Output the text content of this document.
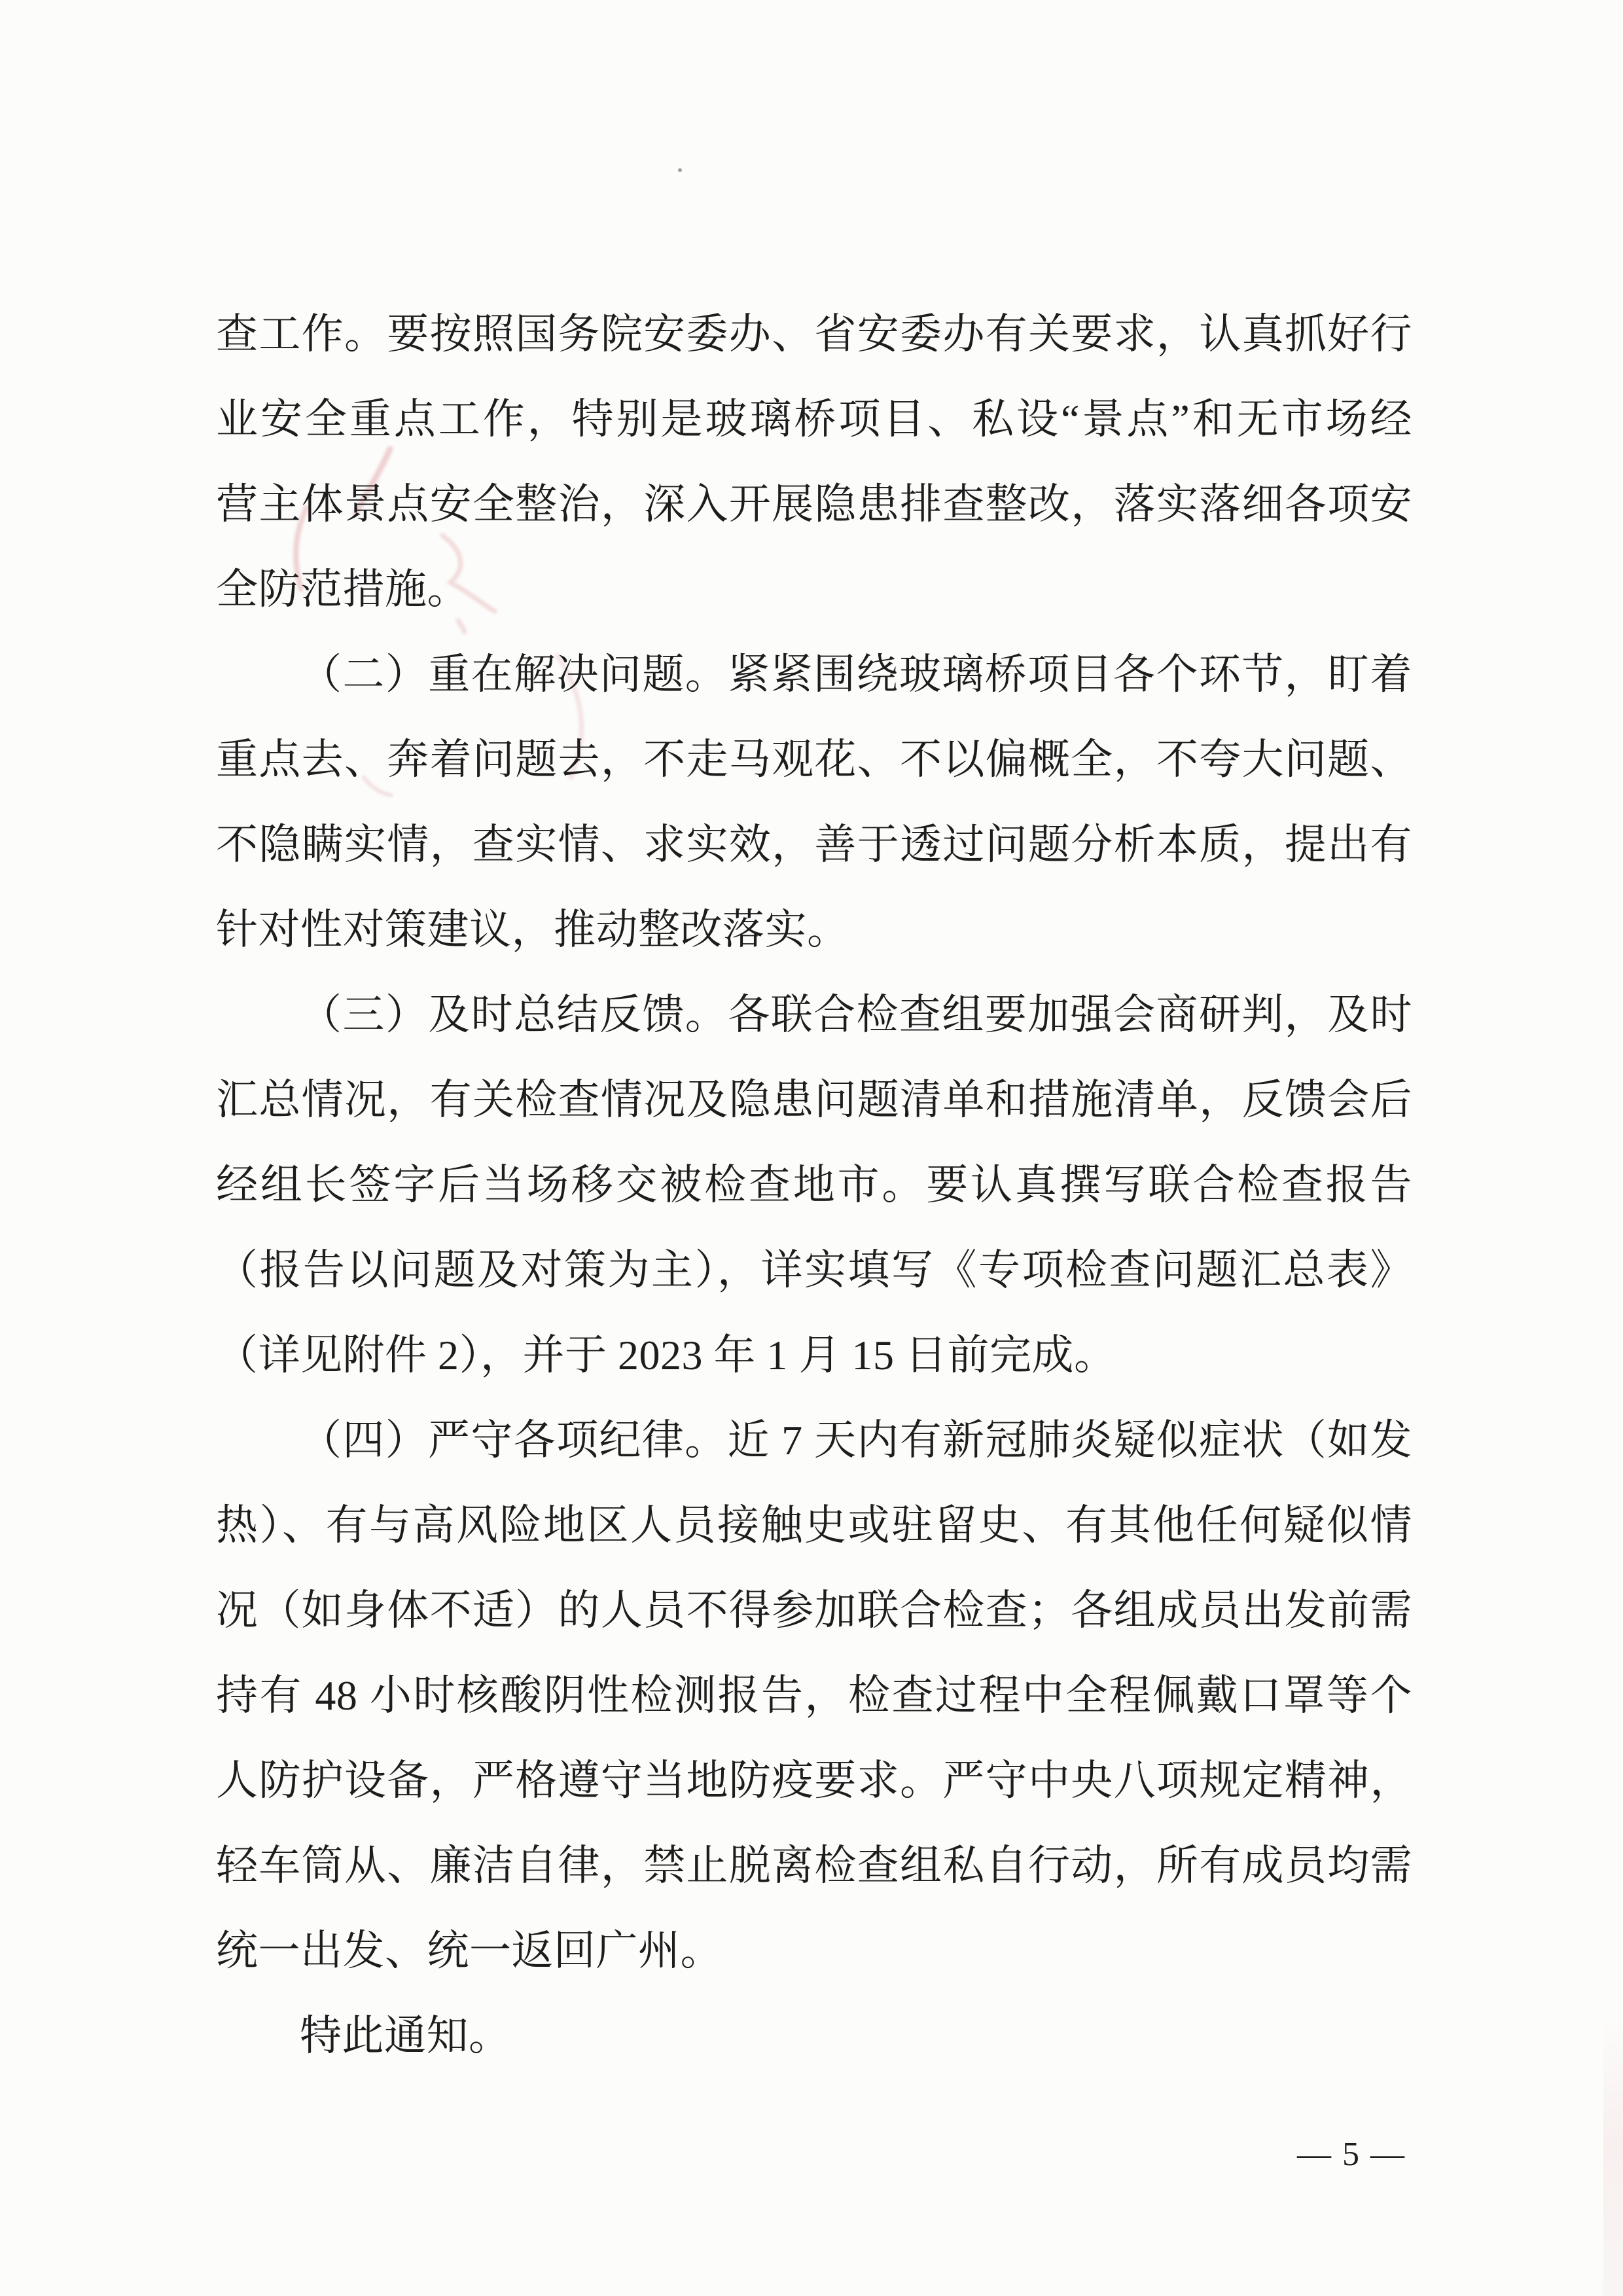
查工作。要按照国务院安委办、省安委办有关要求，认真抓好行
业安全重点工作，特别是玻璃桥项目、私设“景点”和无市场经
营主体景点安全整治，深入开展隐患排查整改，落实落细各项安
全防范措施。
（二）重在解决问题。紧紧围绕玻璃桥项目各个环节，盯着
重点去、奔着问题去，不走马观花、不以偏概全，不夸大问题、
不隐瞒实情，查实情、求实效，善于透过问题分析本质，提出有
针对性对策建议，推动整改落实。
（三）及时总结反馈。各联合检查组要加强会商研判，及时
汇总情况，有关检查情况及隐患问题清单和措施清单，反馈会后
经组长签字后当场移交被检查地市。要认真撰写联合检查报告
（报告以问题及对策为主），详实填写《专项检查问题汇总表》
（详见附件 2），并于 2023 年 1 月 15 日前完成。
（四）严守各项纪律。近 7 天内有新冠肺炎疑似症状（如发
热）、有与高风险地区人员接触史或驻留史、有其他任何疑似情
况（如身体不适）的人员不得参加联合检查；各组成员出发前需
持有 48 小时核酸阴性检测报告，检查过程中全程佩戴口罩等个
人防护设备，严格遵守当地防疫要求。严守中央八项规定精神，
轻车筒从、廉洁自律，禁止脱离检查组私自行动，所有成员均需
统一出发、统一返回广州。
特此通知。
— 5 —
